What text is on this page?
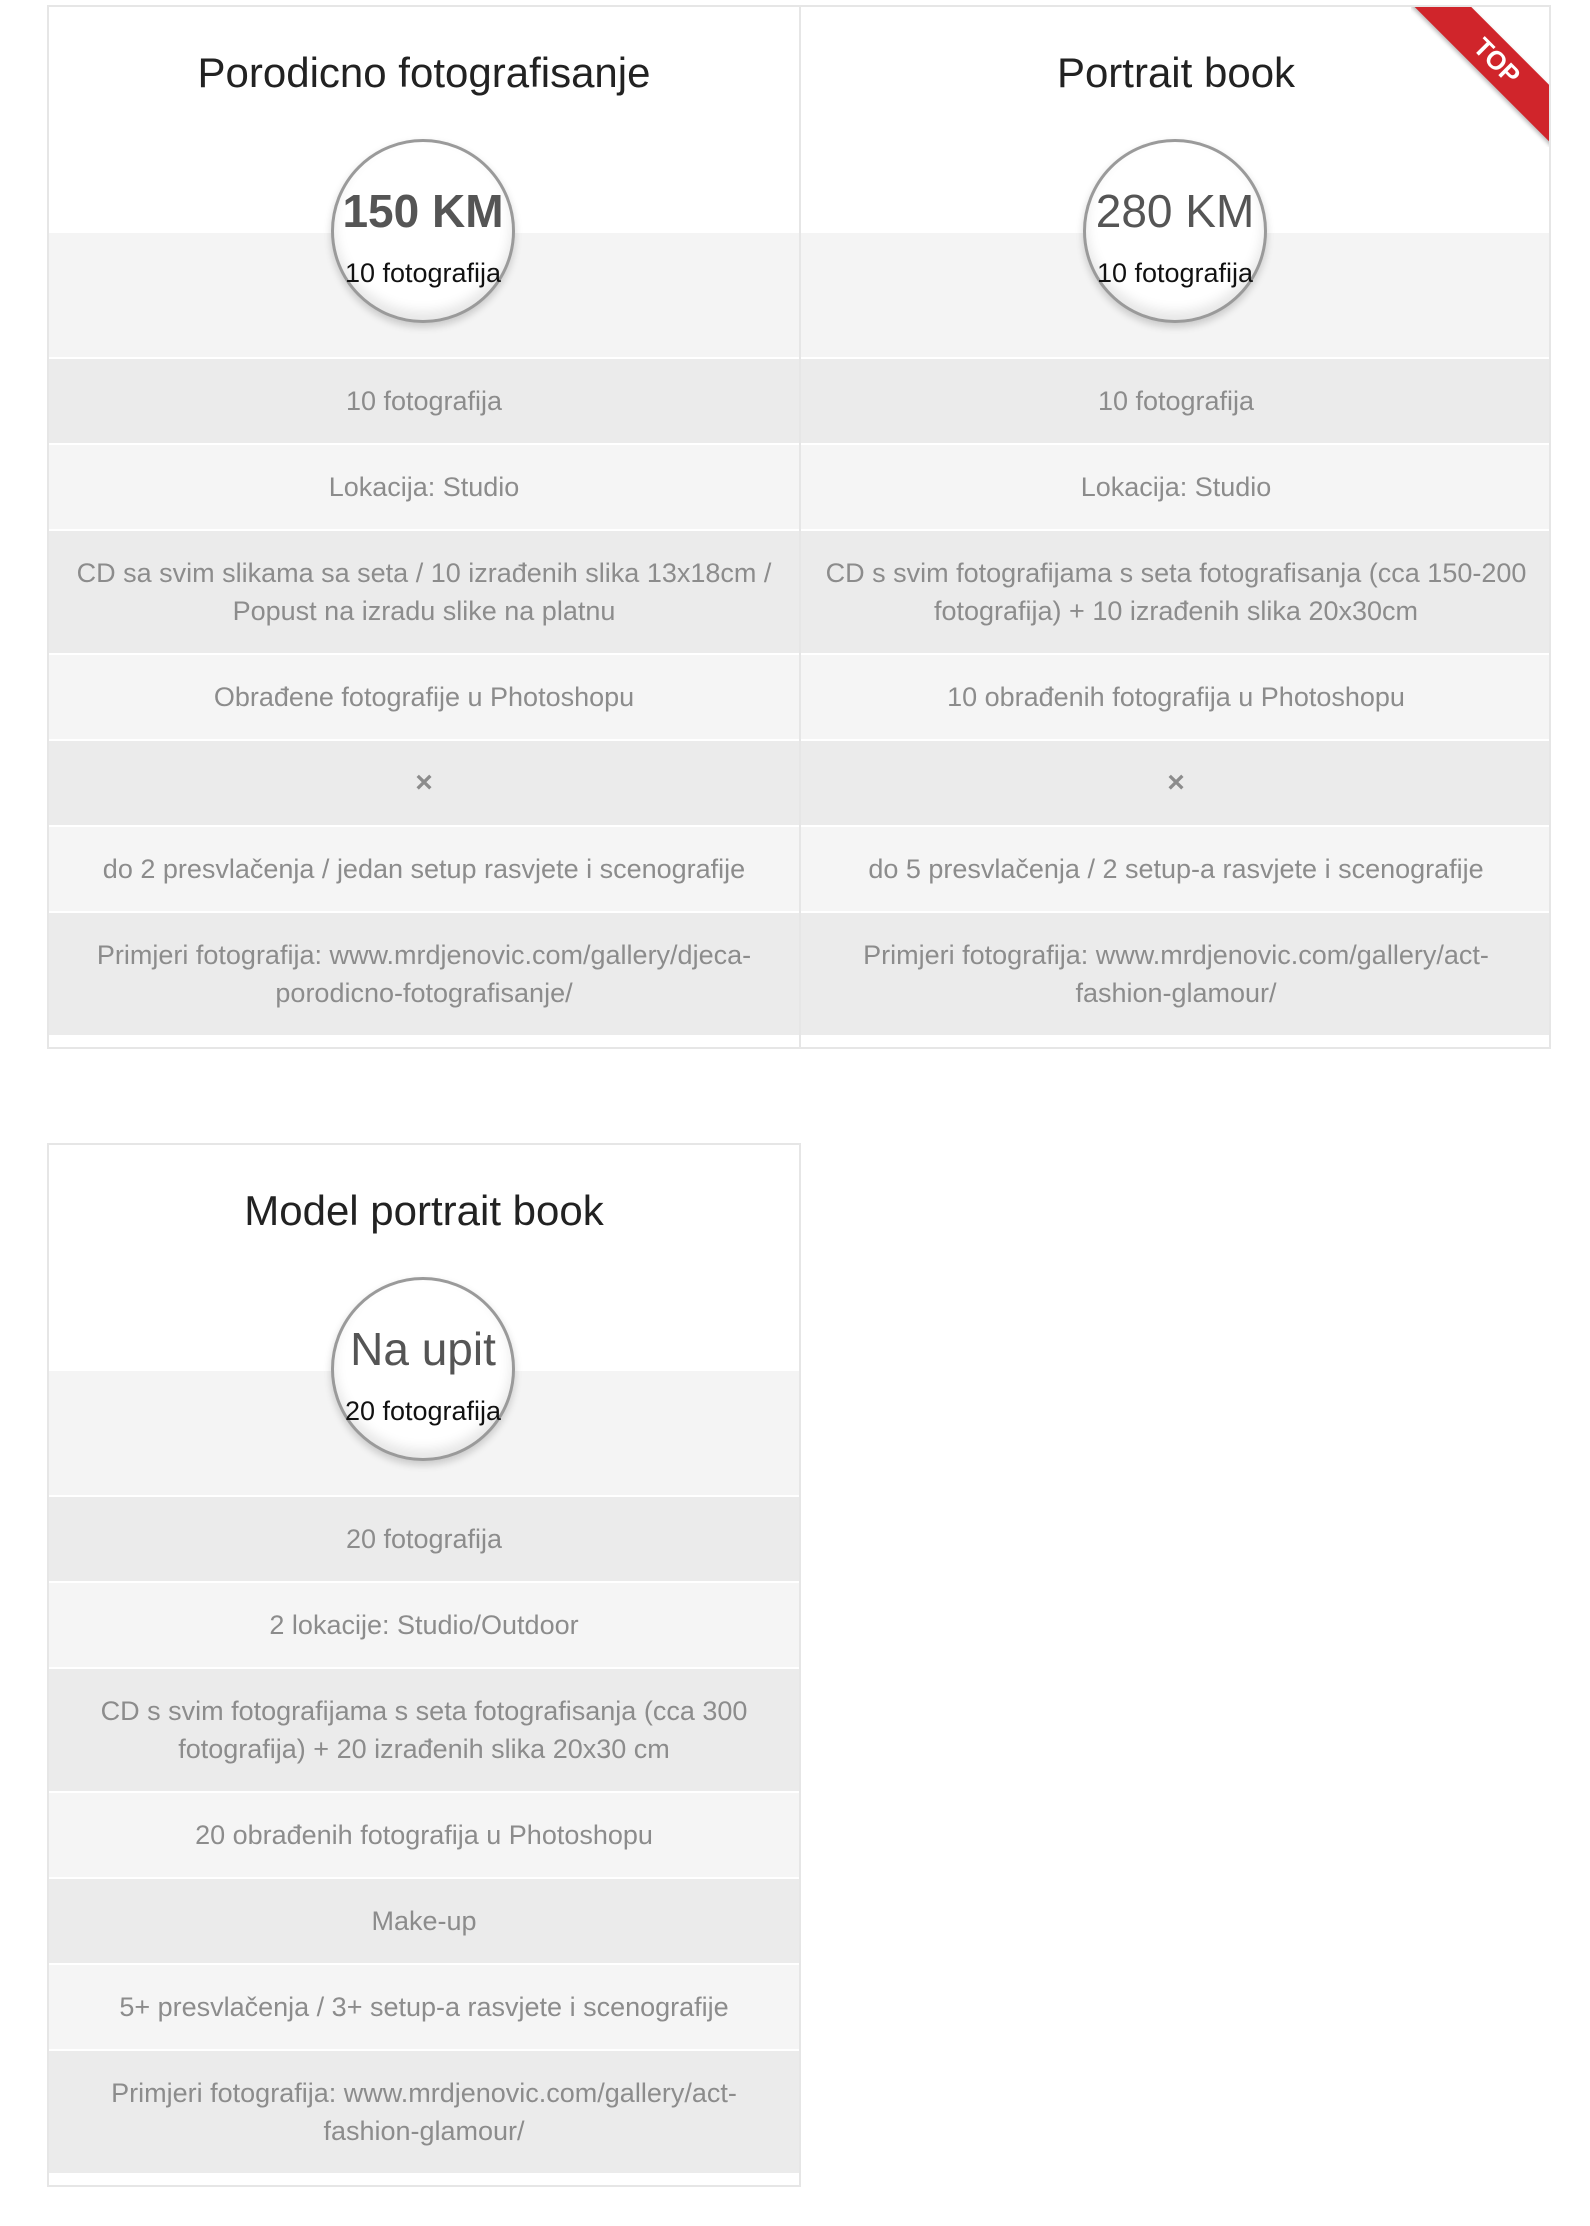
Porodicno fotografisanje
150 KM
10 fotografija
10 fotografija
Lokacija: Studio
CD sa svim slikama sa seta / 10 izrađenih slika 13x18cm / Popust na izradu slike na platnu
Obrađene fotografije u Photoshopu
×
do 2 presvlačenja / jedan setup rasvjete i scenografije
Primjeri fotografija: www.mrdjenovic.com/gallery/djeca-porodicno-fotografisanje/
Portrait book
280 KM
10 fotografija
TOP
10 fotografija
Lokacija: Studio
CD s svim fotografijama s seta fotografisanja (cca 150-200 fotografija) + 10 izrađenih slika 20x30cm
10 obrađenih fotografija u Photoshopu
×
do 5 presvlačenja / 2 setup-a rasvjete i scenografije
Primjeri fotografija: www.mrdjenovic.com/gallery/act-fashion-glamour/
Model portrait book
Na upit
20 fotografija
20 fotografija
2 lokacije: Studio/Outdoor
CD s svim fotografijama s seta fotografisanja (cca 300 fotografija) + 20 izrađenih slika 20x30 cm
20 obrađenih fotografija u Photoshopu
Make-up
5+ presvlačenja / 3+ setup-a rasvjete i scenografije
Primjeri fotografija: www.mrdjenovic.com/gallery/act-fashion-glamour/
